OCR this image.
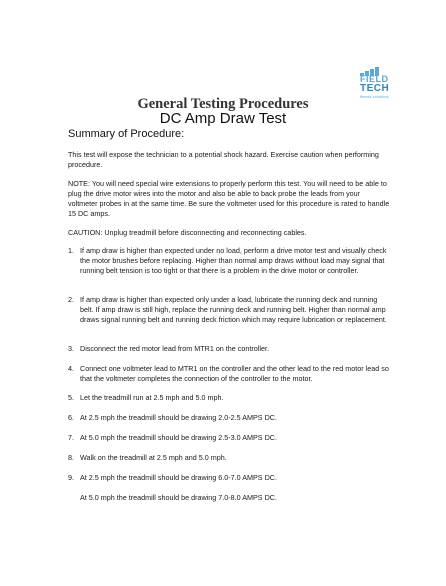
FIELD
TECH
fitness solutions
General Testing Procedures
DC Amp Draw Test
Summary of Procedure:
This test will expose the technician to a potential shock hazard. Exercise caution when performing procedure.
NOTE: You will need special wire extensions to properly perform this test. You will need to be able to plug the drive motor wires into the motor and also be able to back probe the leads from your voltmeter probes in at the same time. Be sure the voltmeter used for this procedure is rated to handle 15 DC amps.
CAUTION: Unplug treadmill before disconnecting and reconnecting cables.
1. If amp draw is higher than expected under no load, perform a drive motor test and visually check the motor brushes before replacing. Higher than normal amp draws without load may signal that running belt tension is too tight or that there is a problem in the drive motor or controller.
2. If amp draw is higher than expected only under a load, lubricate the running deck and running belt. If amp draw is still high, replace the running deck and running belt. Higher than normal amp draws signal running belt and running deck friction which may require lubrication or replacement.
3. Disconnect the red motor lead from MTR1 on the controller.
4. Connect one voltmeter lead to MTR1 on the controller and the other lead to the red motor lead so that the voltmeter completes the connection of the controller to the motor.
5. Let the treadmill run at 2.5 mph and 5.0 mph.
6. At 2.5 mph the treadmill should be drawing 2.0-2.5 AMPS DC.
7. At 5.0 mph the treadmill should be drawing 2.5-3.0 AMPS DC.
8. Walk on the treadmill at 2.5 mph and 5.0 mph.
9. At 2.5 mph the treadmill should be drawing 6.0-7.0 AMPS DC.
At 5.0 mph the treadmill should be drawing 7.0-8.0 AMPS DC.
